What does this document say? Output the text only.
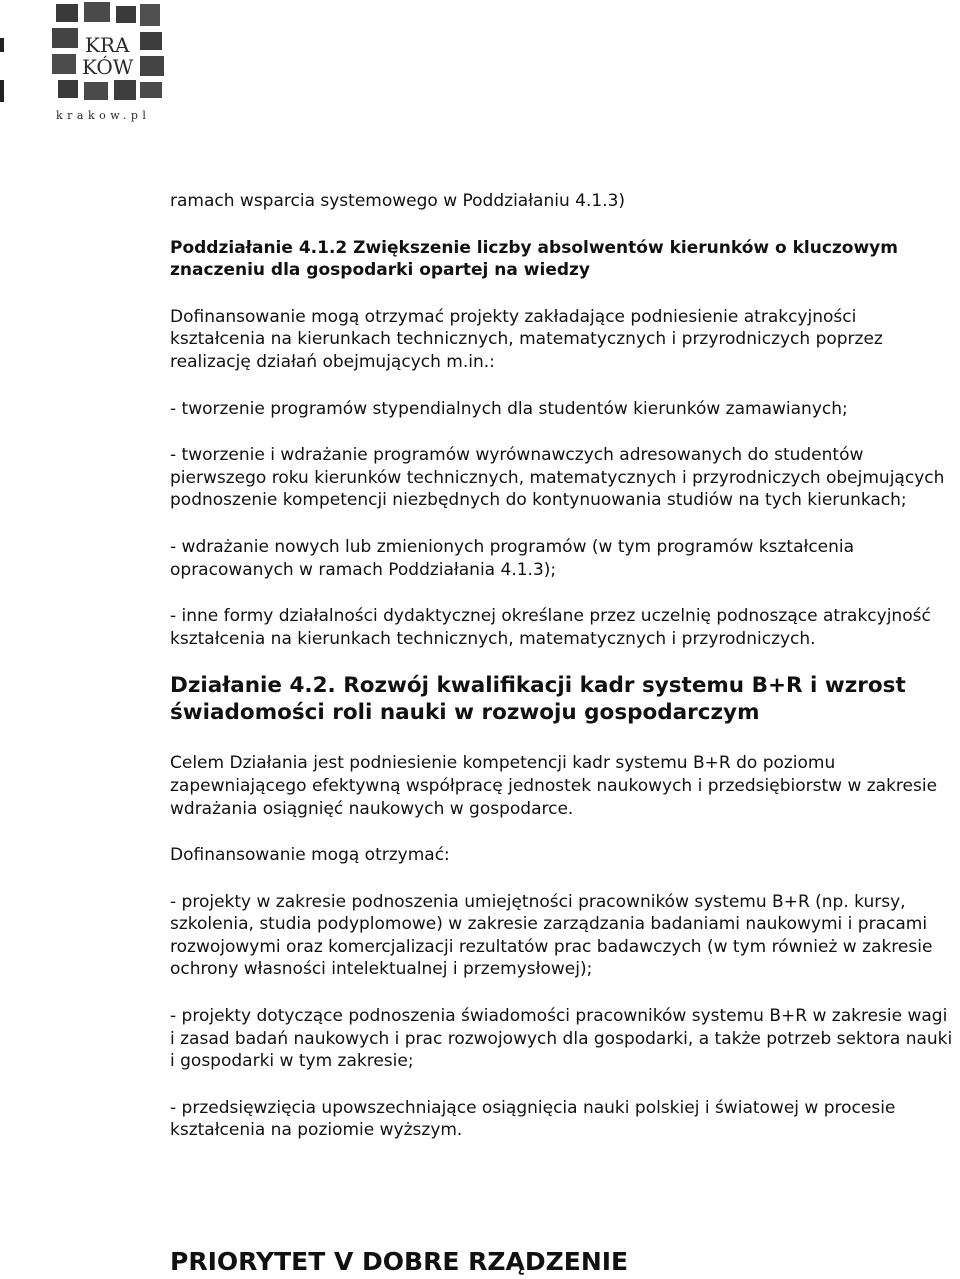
KRA
KÓW
krakow.pl

ramach wsparcia systemowego w Poddziałaniu 4.1.3)

Poddziałanie 4.1.2 Zwiększenie liczby absolwentów kierunków o kluczowym znaczeniu dla gospodarki opartej na wiedzy

Dofinansowanie mogą otrzymać projekty zakładające podniesienie atrakcyjności kształcenia na kierunkach technicznych, matematycznych i przyrodniczych poprzez realizację działań obejmujących m.in.:

- tworzenie programów stypendialnych dla studentów kierunków zamawianych;

- tworzenie i wdrażanie programów wyrównawczych adresowanych do studentów pierwszego roku kierunków technicznych, matematycznych i przyrodniczych obejmujących podnoszenie kompetencji niezbędnych do kontynuowania studiów na tych kierunkach;

- wdrażanie nowych lub zmienionych programów (w tym programów kształcenia opracowanych w ramach Poddziałania 4.1.3);

- inne formy działalności dydaktycznej określane przez uczelnię podnoszące atrakcyjność kształcenia na kierunkach technicznych, matematycznych i przyrodniczych.

Działanie 4.2. Rozwój kwalifikacji kadr systemu B+R i wzrost świadomości roli nauki w rozwoju gospodarczym

Celem Działania jest podniesienie kompetencji kadr systemu B+R do poziomu zapewniającego efektywną współpracę jednostek naukowych i przedsiębiorstw w zakresie wdrażania osiągnięć naukowych w gospodarce.

Dofinansowanie mogą otrzymać:

- projekty w zakresie podnoszenia umiejętności pracowników systemu B+R (np. kursy, szkolenia, studia podyplomowe) w zakresie zarządzania badaniami naukowymi i pracami rozwojowymi oraz komercjalizacji rezultatów prac badawczych (w tym również w zakresie ochrony własności intelektualnej i przemysłowej);

- projekty dotyczące podnoszenia świadomości pracowników systemu B+R w zakresie wagi i zasad badań naukowych i prac rozwojowych dla gospodarki, a także potrzeb sektora nauki i gospodarki w tym zakresie;

- przedsięwzięcia upowszechniające osiągnięcia nauki polskiej i światowej w procesie kształcenia na poziomie wyższym.

PRIORYTET V DOBRE RZĄDZENIE
